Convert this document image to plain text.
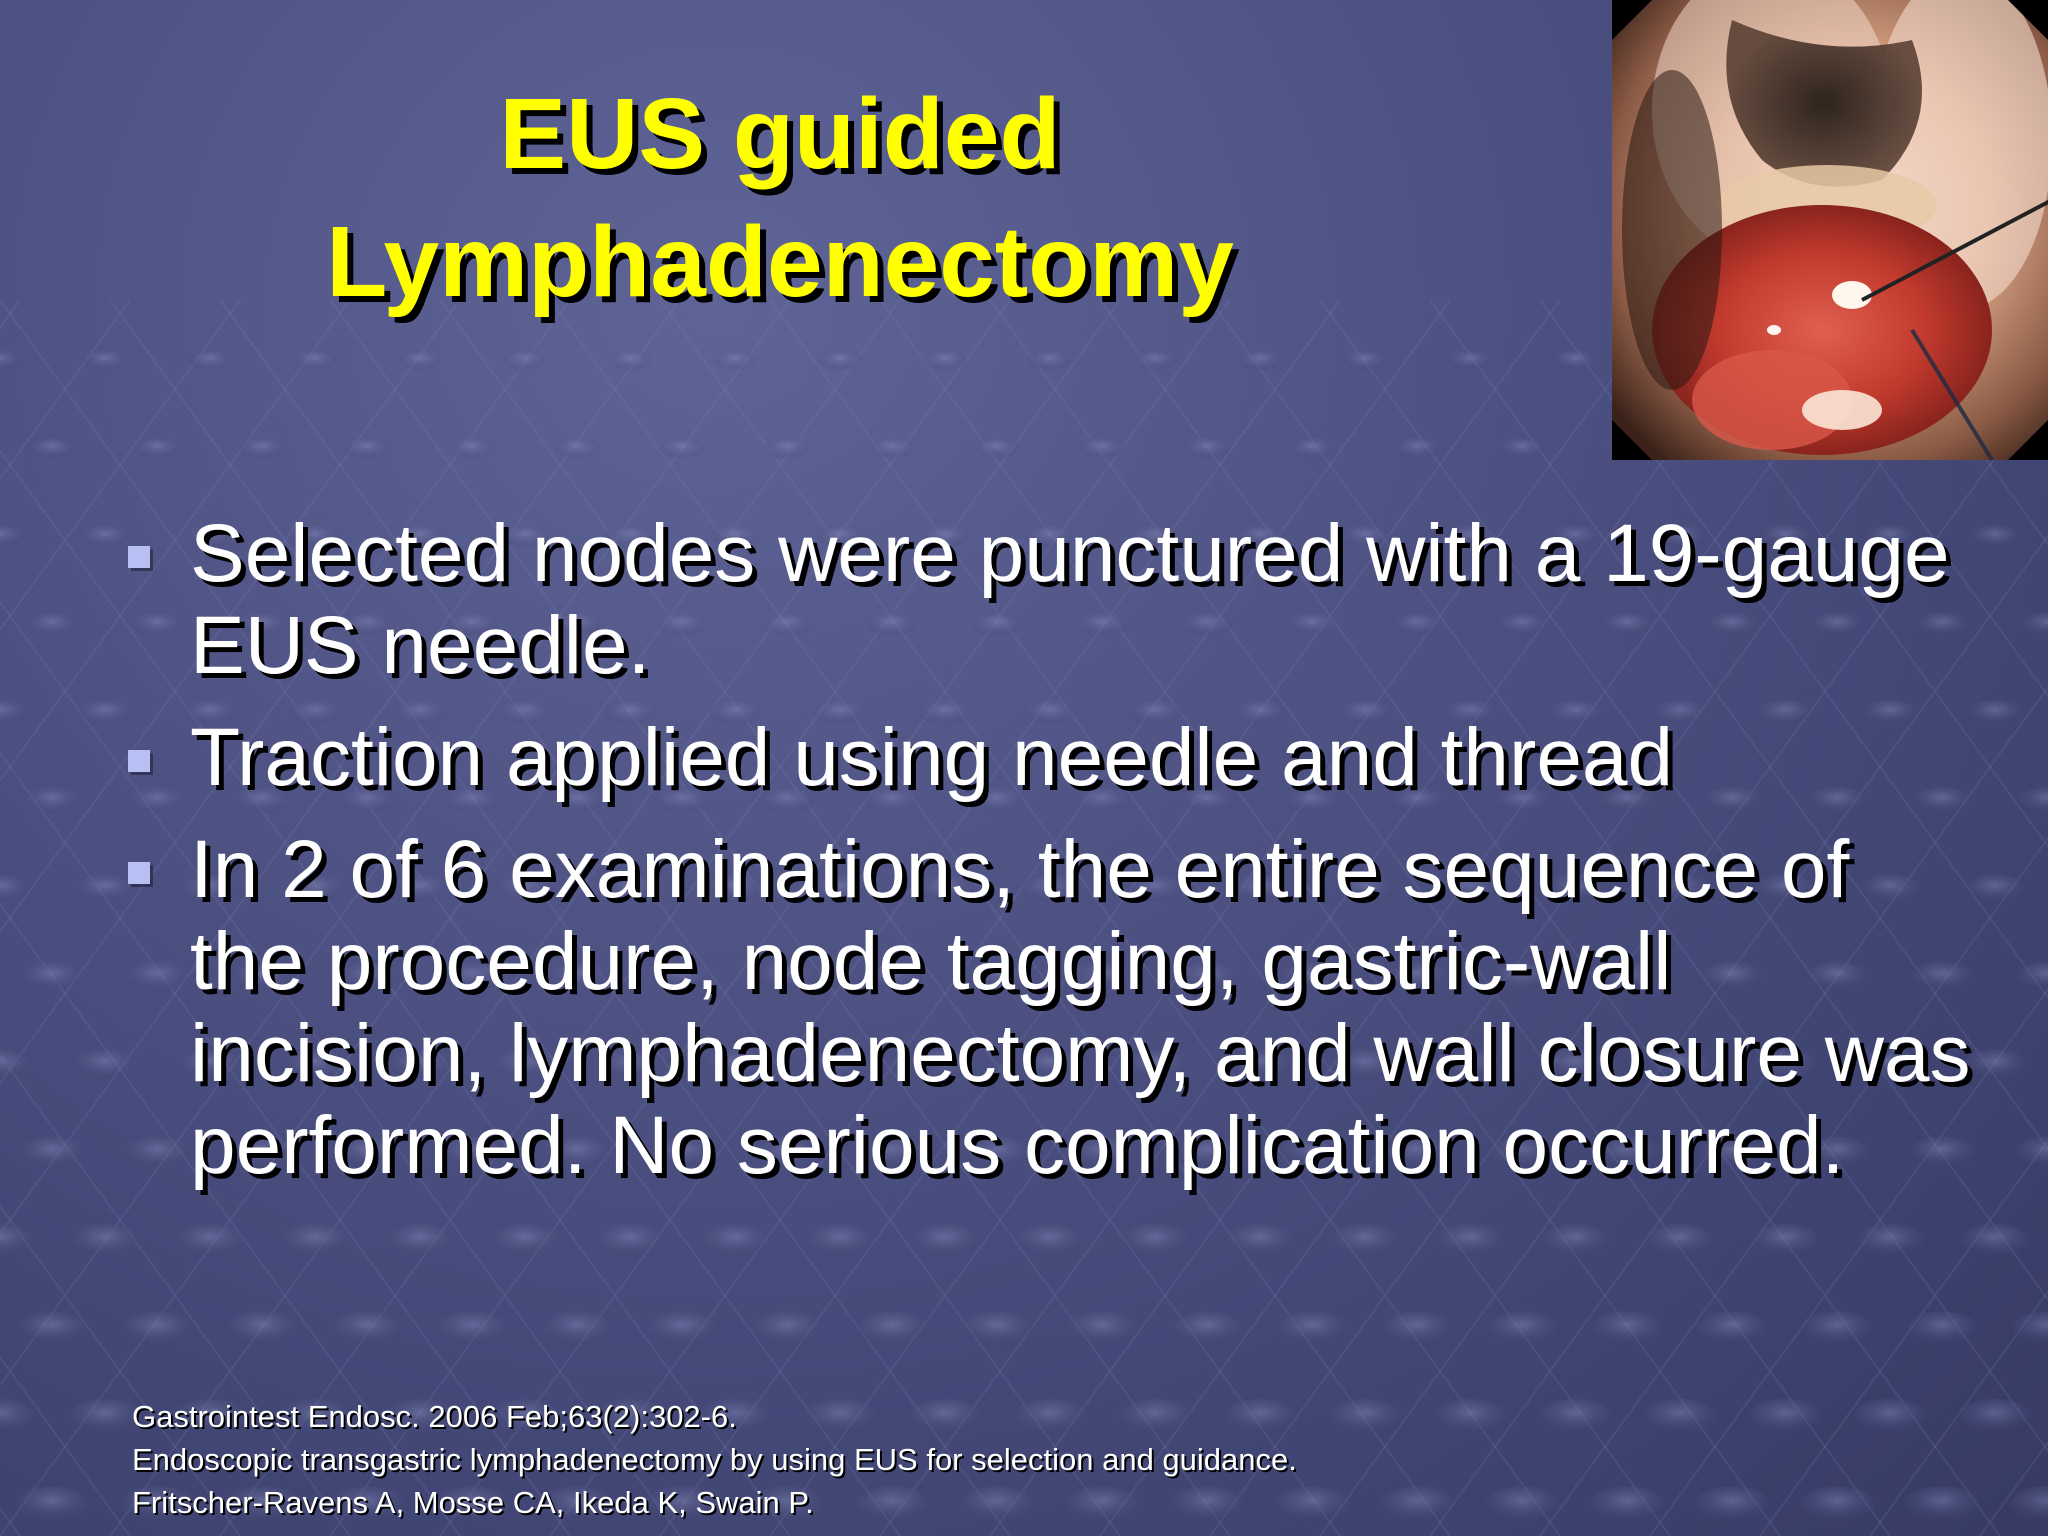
EUS guided
Lymphadenectomy
Selected nodes were punctured with a 19-gauge EUS needle.
Traction applied using needle and thread
In 2 of 6 examinations, the entire sequence of the procedure, node tagging, gastric-wall incision, lymphadenectomy, and wall closure was performed. No serious complication occurred.
Gastrointest Endosc. 2006 Feb;63(2):302-6.
Endoscopic transgastric lymphadenectomy by using EUS for selection and guidance.
Fritscher-Ravens A, Mosse CA, Ikeda K, Swain P.
